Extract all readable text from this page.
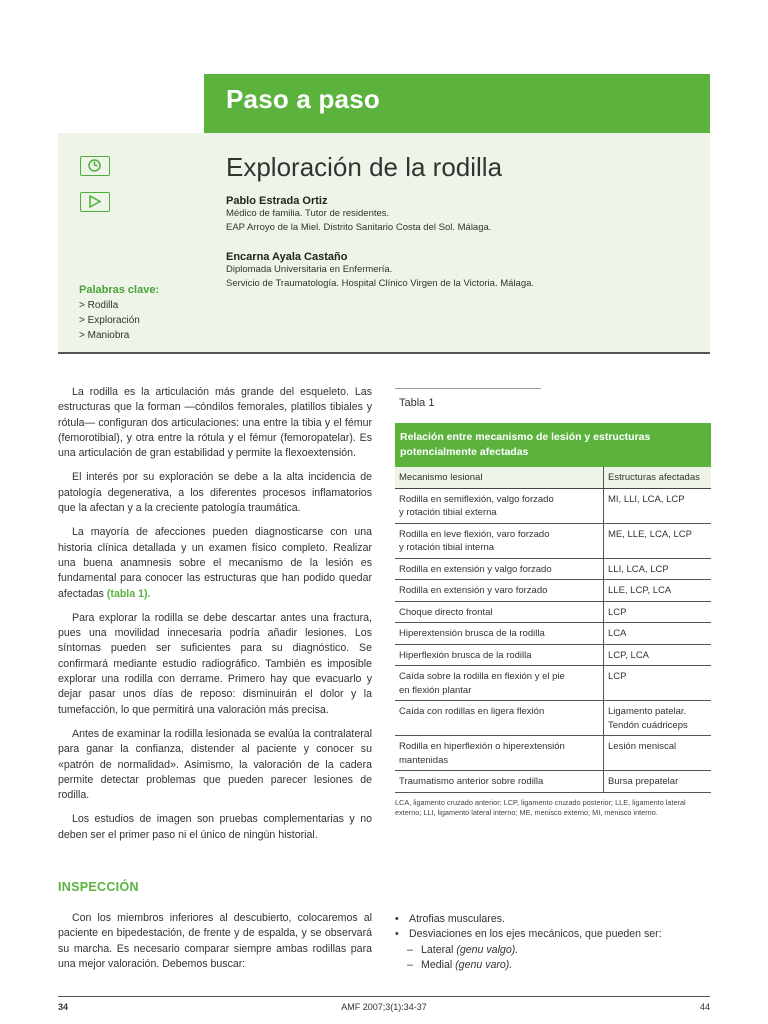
Paso a paso
Exploración de la rodilla
Pablo Estrada Ortiz
Médico de familia. Tutor de residentes.
EAP Arroyo de la Miel. Distrito Sanitario Costa del Sol. Málaga.
Encarna Ayala Castaño
Diplomada Universitaria en Enfermería.
Servicio de Traumatología. Hospital Clínico Virgen de la Victoria. Málaga.
Palabras clave:
> Rodilla
> Exploración
> Maniobra

La rodilla es la articulación más grande del esqueleto. Las estructuras que la forman —cóndilos femorales, platillos tibiales y rótula— configuran dos articulaciones: una entre la tibia y el fémur (femorotibial), y otra entre la rótula y el fémur (femoropatelar). Es una articulación de gran estabilidad y permite la flexoextensión.

El interés por su exploración se debe a la alta incidencia de patología degenerativa, a los diferentes procesos inflamatorios que la afectan y a la creciente patología traumática.

La mayoría de afecciones pueden diagnosticarse con una historia clínica detallada y un examen físico completo. Realizar una buena anamnesis sobre el mecanismo de la lesión es fundamental para conocer las estructuras que han podido quedar afectadas (tabla 1).

Para explorar la rodilla se debe descartar antes una fractura, pues una movilidad innecesaria podría añadir lesiones. Los síntomas pueden ser suficientes para su diagnóstico. Se confirmará mediante estudio radiográfico. También es imposible explorar una rodilla con derrame. Primero hay que evacuarlo y dejar pasar unos días de reposo: disminuirán el dolor y la tumefacción, lo que permitirá una valoración más precisa.

Antes de examinar la rodilla lesionada se evalúa la contralateral para ganar la confianza, distender al paciente y conocer su «patrón de normalidad». Asimismo, la valoración de la cadera permite detectar problemas que pueden parecer lesiones de rodilla.

Los estudios de imagen son pruebas complementarias y no deben ser el primer paso ni el único de ningún historial.

INSPECCIÓN

Con los miembros inferiores al descubierto, colocaremos al paciente en bipedestación, de frente y de espalda, y se observará su marcha. Es necesario comparar siempre ambas rodillas para una mejor valoración. Debemos buscar:

Tabla 1
Relación entre mecanismo de lesión y estructuras potencialmente afectadas
Mecanismo lesional	Estructuras afectadas
Rodilla en semiflexión, valgo forzado
y rotación tibial externa	MI, LLI, LCA, LCP
Rodilla en leve flexión, varo forzado
y rotación tibial interna	ME, LLE, LCA, LCP
Rodilla en extensión y valgo forzado	LLI, LCA, LCP
Rodilla en extensión y varo forzado	LLE, LCP, LCA
Choque directo frontal	LCP
Hiperextensión brusca de la rodilla	LCA
Hiperflexión brusca de la rodilla	LCP, LCA
Caída sobre la rodilla en flexión y el pie
en flexión plantar	LCP
Caída con rodillas en ligera flexión	Ligamento patelar.
Tendón cuádriceps
Rodilla en hiperflexión o hiperextensión
mantenidas	Lesión meniscal
Traumatismo anterior sobre rodilla	Bursa prepatelar
LCA, ligamento cruzado anterior; LCP, ligamento cruzado posterior; LLE, ligamento lateral externo; LLI, ligamento lateral interno; ME, menisco externo; MI, menisco interno.
• Atrofias musculares.
• Desviaciones en los ejes mecánicos, que pueden ser:
– Lateral (genu valgo).
– Medial (genu varo).
34	AMF 2007;3(1):34-37	44
